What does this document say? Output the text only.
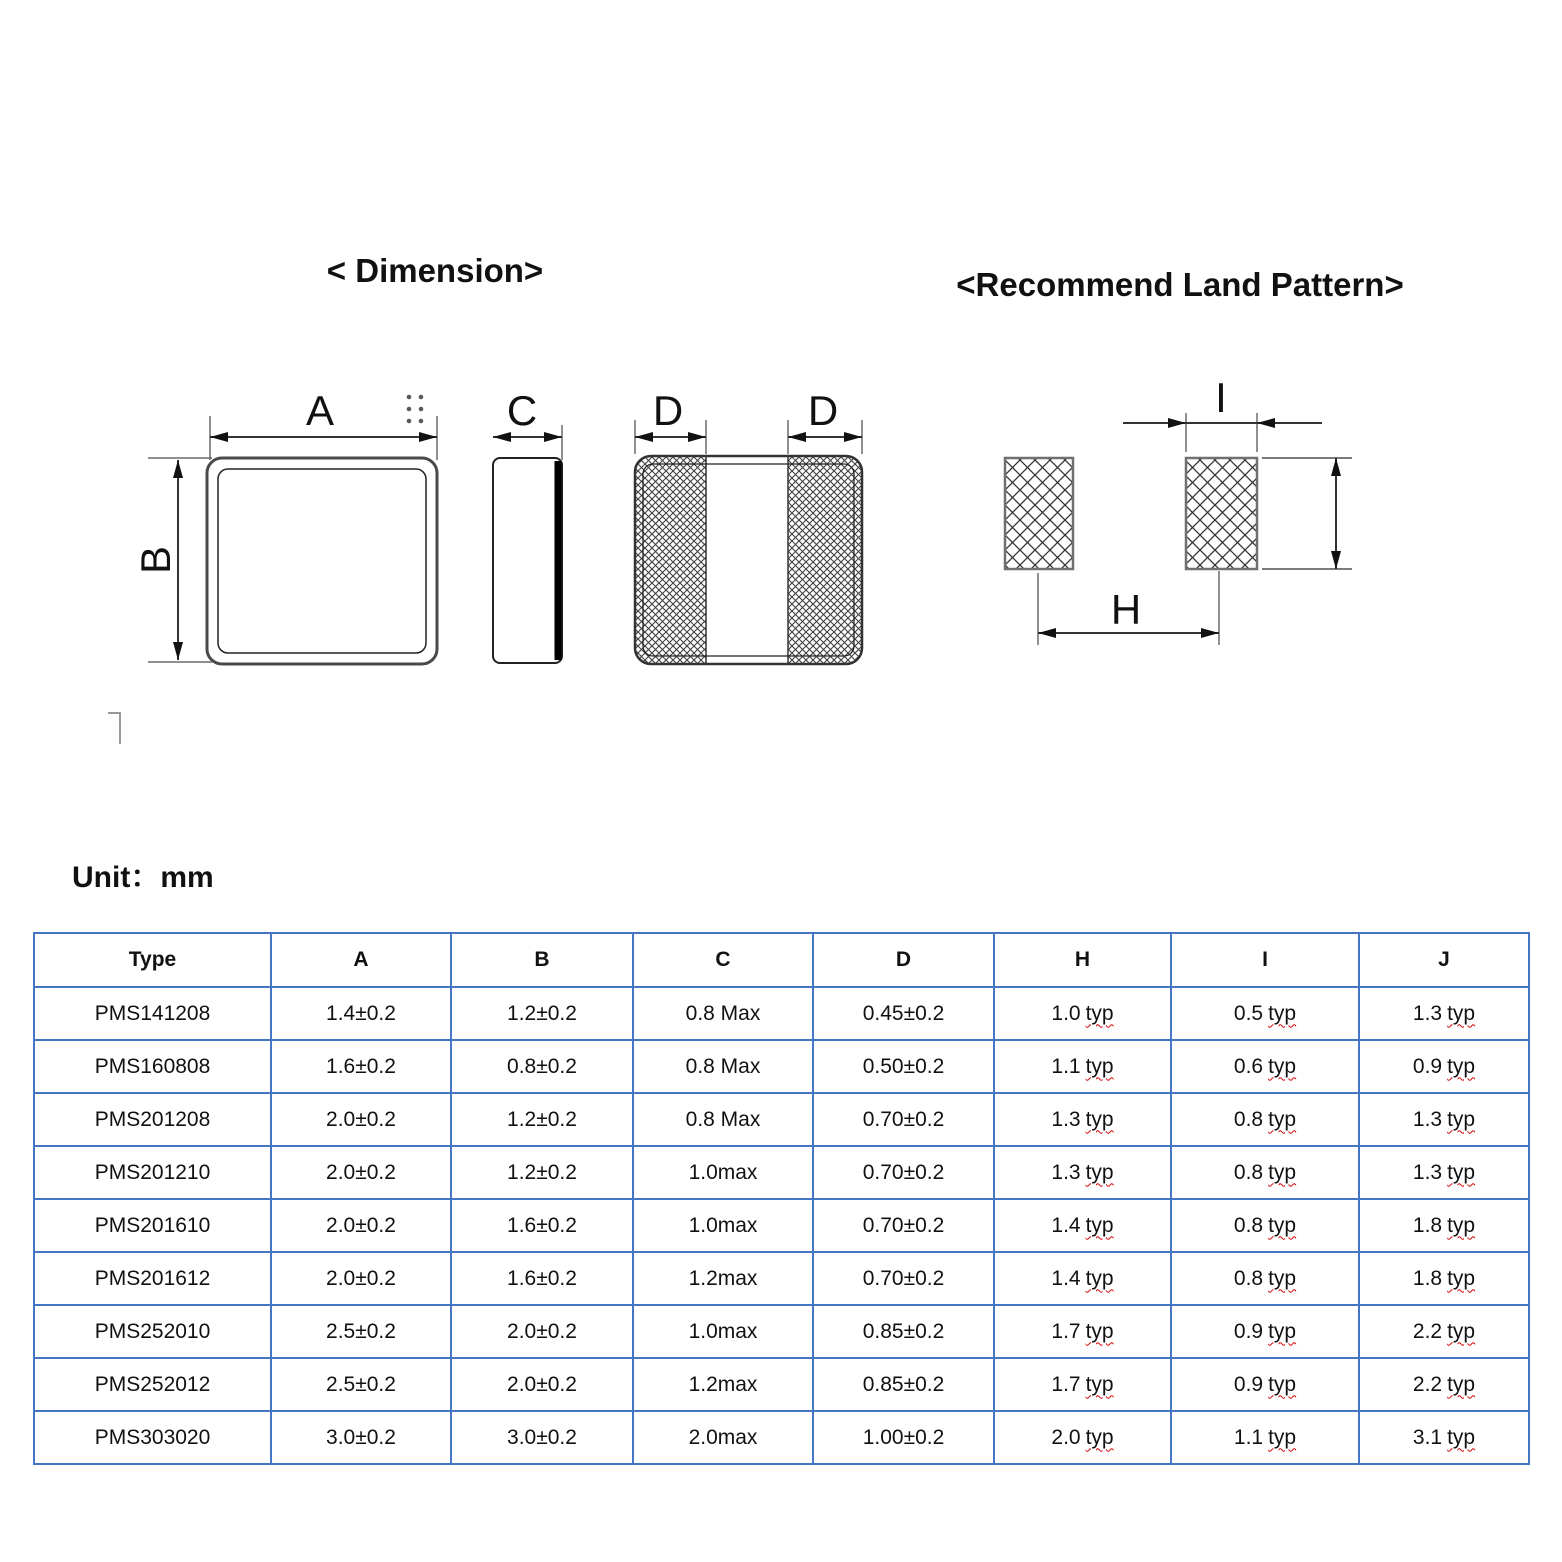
< Dimension>	<Recommend Land Pattern>
A
B
C	D	D	I
H
Unit：mm
Type	A	B	C	D	H	I	J
PMS141208	1.4±0.2	1.2±0.2	0.8 Max	0.45±0.2	1.0 typ	0.5 typ	1.3 typ
PMS160808	1.6±0.2	0.8±0.2	0.8 Max	0.50±0.2	1.1 typ	0.6 typ	0.9 typ
PMS201208	2.0±0.2	1.2±0.2	0.8 Max	0.70±0.2	1.3 typ	0.8 typ	1.3 typ
PMS201210	2.0±0.2	1.2±0.2	1.0max	0.70±0.2	1.3 typ	0.8 typ	1.3 typ
PMS201610	2.0±0.2	1.6±0.2	1.0max	0.70±0.2	1.4 typ	0.8 typ	1.8 typ
PMS201612	2.0±0.2	1.6±0.2	1.2max	0.70±0.2	1.4 typ	0.8 typ	1.8 typ
PMS252010	2.5±0.2	2.0±0.2	1.0max	0.85±0.2	1.7 typ	0.9 typ	2.2 typ
PMS252012	2.5±0.2	2.0±0.2	1.2max	0.85±0.2	1.7 typ	0.9 typ	2.2 typ
PMS303020	3.0±0.2	3.0±0.2	2.0max	1.00±0.2	2.0 typ	1.1 typ	3.1 typ
